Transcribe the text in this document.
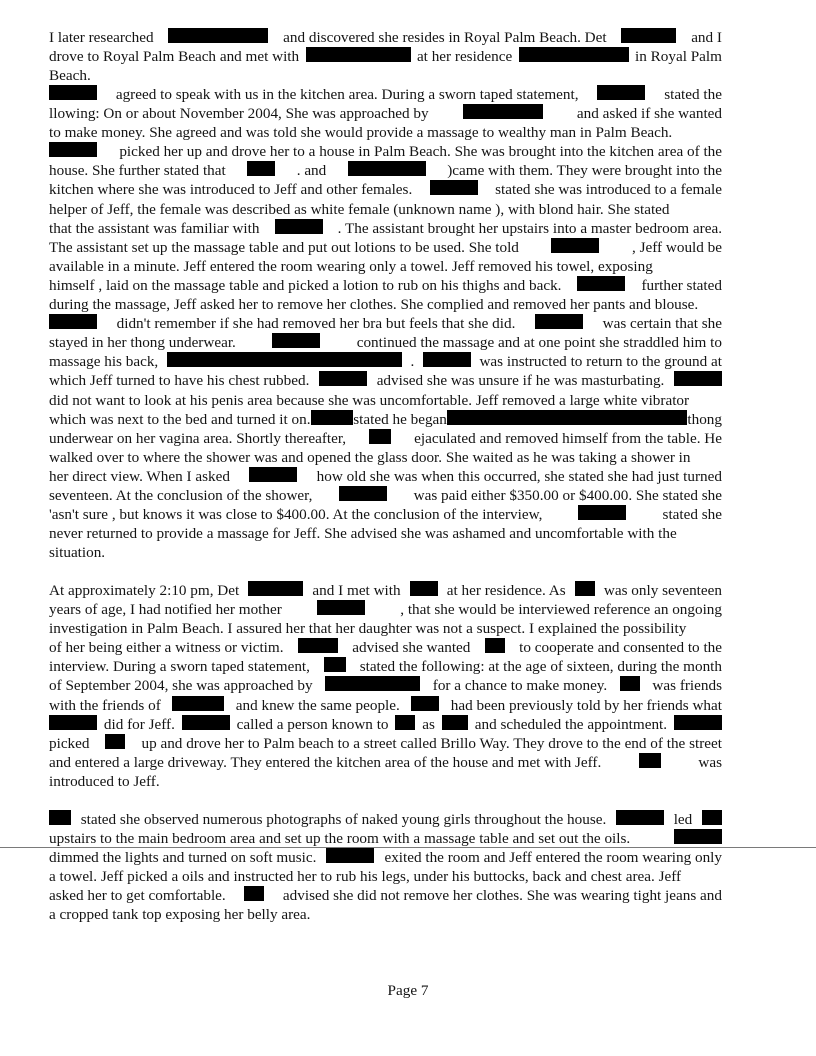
I later researched	and discovered she resides in Royal Palm Beach. Det	and I
drove to Royal Palm Beach and met with	at her residence	in Royal Palm
Beach.
agreed to speak with us in the kitchen area. During a sworn taped statement,	stated the
llowing: On or about November 2004, She was approached by	and asked if she wanted
to make money. She agreed and was told she would provide a massage to wealthy man in Palm Beach.
picked her up and drove her to a house in Palm Beach. She was brought into the kitchen area of the
house. She further stated that	. and	)came with them. They were brought into the
kitchen where she was introduced to Jeff and other females.	stated she was introduced to a female
helper of Jeff, the female was described as white female (unknown name ), with blond hair. She stated
that the assistant was familiar with	. The assistant brought her upstairs into a master bedroom area.
The assistant set up the massage table and put out lotions to be used. She told	, Jeff would be
available in a minute. Jeff entered the room wearing only a towel. Jeff removed his towel, exposing
himself , laid on the massage table and picked a lotion to rub on his thighs and back.	further stated
during the massage, Jeff asked her to remove her clothes. She complied and removed her pants and blouse.
didn't remember if she had removed her bra but feels that she did.	was certain that she
stayed in her thong underwear.	continued the massage and at one point she straddled him to
massage his back,	.	was instructed to return to the ground at
which Jeff turned to have his chest rubbed.	advised she was unsure if he was masturbating.
did not want to look at his penis area because she was uncomfortable. Jeff removed a large white vibrator
which was next to the bed and turned it on.	stated he began	thong
underwear on her vagina area. Shortly thereafter,	ejaculated and removed himself from the table. He
walked over to where the shower was and opened the glass door. She waited as he was taking a shower in
her direct view. When I asked	how old she was when this occurred, she stated she had just turned
seventeen. At the conclusion of the shower,	was paid either $350.00 or $400.00. She stated she
'asn't sure , but knows it was close to $400.00. At the conclusion of the interview,	stated she
never returned to provide a massage for Jeff. She advised she was ashamed and uncomfortable with the
situation.
At approximately 2:10 pm, Det	and I met with	at her residence. As	was only seventeen
years of age, I had notified her mother	, that she would be interviewed reference an ongoing
investigation in Palm Beach. I assured her that her daughter was not a suspect. I explained the possibility
of her being either a witness or victim.	advised she wanted	to cooperate and consented to the
interview. During a sworn taped statement,	stated the following: at the age of sixteen, during the month
of September 2004, she was approached by	for a chance to make money.	was friends
with the friends of	and knew the same people.	had been previously told by her friends what
did for Jeff.	called a person known to as	and scheduled the appointment.
picked	up and drove her to Palm beach to a street called Brillo Way. They drove to the end of the street
and entered a large driveway. They entered the kitchen area of the house and met with Jeff.	was
introduced to Jeff.
stated she observed numerous photographs of naked young girls throughout the house.	led
upstairs to the main bedroom area and set up the room with a massage table and set out the oils.
dimmed the lights and turned on soft music.	exited the room and Jeff entered the room wearing only
a towel. Jeff picked a oils and instructed her to rub his legs, under his buttocks, back and chest area. Jeff
asked her to get comfortable.	advised she did not remove her clothes. She was wearing tight jeans and
a cropped tank top exposing her belly area.
Page 7
